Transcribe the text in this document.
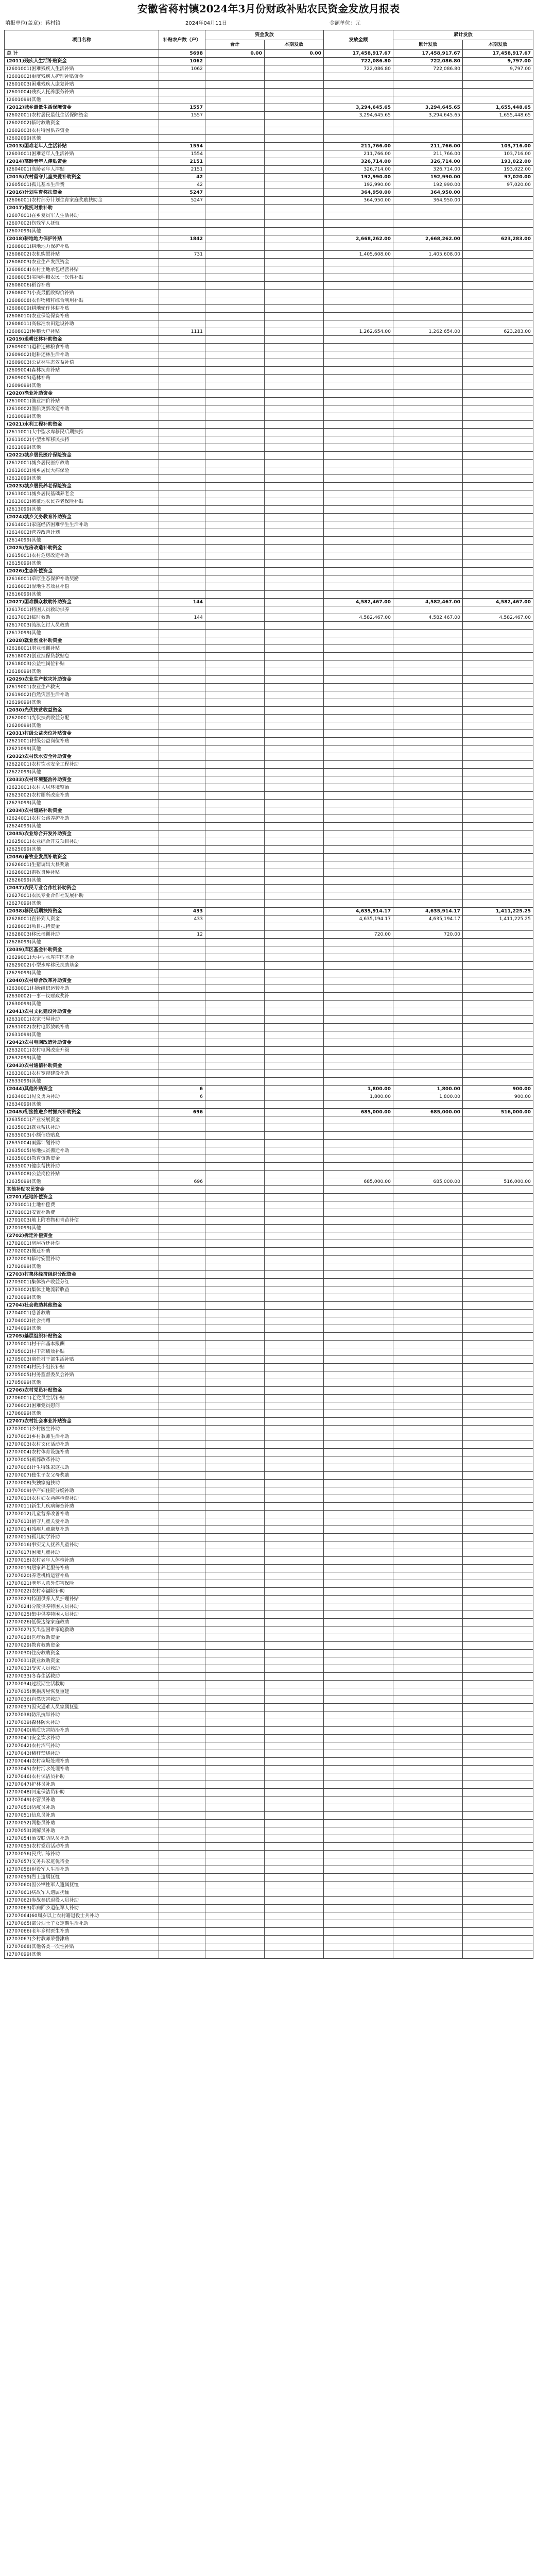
安徽省蒋村镇2024年3月份财政补贴农民资金发放月报表
填报单位(盖章)：蒋村镇	2024年04月11日	金额单位：元
项目名称	补贴农户数（户）	资金发放		发放金额	累计发放	
		合计	本期发放		累计发放	本期发放
总 计	5698	0.00	0.00	17,458,917.67	17,458,917.67	17,458,917.67
(2011)残疾人生活补贴资金	1062			722,086.80	722,086.80	9,797.00
(2601001)困难残疾人生活补贴	1062			722,086.80	722,086.80	9,797.00
(2601002)重度残疾人护理补贴资金						
(2601003)困难残疾人康复补贴						
(2601004)残疾人托养服务补贴						
(2601099)其他						
(2012)城乡最低生活保障资金	1557			3,294,645.65	3,294,645.65	1,655,448.65
(2602001)农村居民最低生活保障资金	1557			3,294,645.65	3,294,645.65	1,655,448.65
(2602002)临时救助资金						
(2602003)农村特困供养资金						
(2602099)其他						
(2013)困难老年人生活补贴	1554			211,766.00	211,766.00	103,716.00
(2603001)困难老年人生活补贴	1554			211,766.00	211,766.00	103,716.00
(2014)高龄老年人津贴资金	2151			326,714.00	326,714.00	193,022.00
(2604001)高龄老年人津贴	2151			326,714.00	326,714.00	193,022.00
(2015)农村留守儿童关爱补助资金	42			192,990.00	192,990.00	97,020.00
(2605001)孤儿基本生活费	42			192,990.00	192,990.00	97,020.00
(2016)计划生育奖扶资金	5247			364,950.00	364,950.00	
(2606001)农村部分计划生育家庭奖励扶助金	5247			364,950.00	364,950.00	
(2017)优抚对象补助						
(2607001)在乡复员军人生活补助						
(2607002)伤残军人抚恤						
(2607099)其他						
(2018)耕地地力保护补贴	1842			2,668,262.00	2,668,262.00	623,283.00
(2608001)耕地地力保护补贴						
(2608002)农机购置补贴	731			1,405,608.00	1,405,608.00	
(2608003)农业生产发展资金						
(2608004)农村土地承包经营补贴						
(2608005)实际种粮农民一次性补贴						
(2608006)稻谷补贴						
(2608007)小麦最低收购价补贴						
(2608008)农作物秸秆综合利用补贴						
(2608009)耕地轮作休耕补贴						
(2608010)农业保险保费补贴						
(2608011)高标准农田建设补助						
(2608012)种粮大户补贴	1111			1,262,654.00	1,262,654.00	623,283.00
(2019)退耕还林补助资金						
(2609001)退耕还林粮食补助						
(2609002)退耕还林生活补助						
(2609003)公益林生态效益补偿						
(2609004)森林抚育补贴						
(2609005)造林补贴						
(2609099)其他						
(2020)渔业补助资金						
(2610001)渔业油价补贴						
(2610002)渔船更新改造补助						
(2610099)其他						
(2021)水利工程补助资金						
(2611001)大中型水库移民后期扶持						
(2611002)小型水库移民扶持						
(2611099)其他						
(2022)城乡居民医疗保险资金						
(2612001)城乡居民医疗救助						
(2612002)城乡居民大病保险						
(2612099)其他						
(2023)城乡居民养老保险资金						
(2613001)城乡居民基础养老金						
(2613002)被征地农民养老保险补贴						
(2613099)其他						
(2024)城乡义务教育补助资金						
(2614001)家庭经济困难学生生活补助						
(2614002)营养改善计划						
(2614099)其他						
(2025)危房改造补助资金						
(2615001)农村危房改造补助						
(2615099)其他						
(2026)生态补偿资金						
(2616001)草原生态保护补助奖励						
(2616002)湿地生态效益补偿						
(2616099)其他						
(2027)困难群众救助补助资金	144			4,582,467.00	4,582,467.00	4,582,467.00
(2617001)特困人员救助供养						
(2617002)临时救助	144			4,582,467.00	4,582,467.00	4,582,467.00
(2617003)流浪乞讨人员救助						
(2617099)其他						
(2028)就业创业补助资金						
(2618001)职业培训补贴						
(2618002)创业担保贷款贴息						
(2618003)公益性岗位补贴						
(2618099)其他						
(2029)农业生产救灾补助资金						
(2619001)农业生产救灾						
(2619002)自然灾害生活补助						
(2619099)其他						
(2030)光伏扶贫收益资金						
(2620001)光伏扶贫收益分配						
(2620099)其他						
(2031)村级公益岗位补贴资金						
(2621001)村级公益岗位补贴						
(2621099)其他						
(2032)农村饮水安全补助资金						
(2622001)农村饮水安全工程补助						
(2622099)其他						
(2033)农村环境整治补助资金						
(2623001)农村人居环境整治						
(2623002)农村厕所改造补助						
(2623099)其他						
(2034)农村道路补助资金						
(2624001)农村公路养护补助						
(2624099)其他						
(2035)农业综合开发补助资金						
(2625001)农业综合开发项目补助						
(2625099)其他						
(2036)畜牧业发展补助资金						
(2626001)生猪调出大县奖励						
(2626002)畜牧良种补贴						
(2626099)其他						
(2037)农民专业合作社补助资金						
(2627001)农民专业合作社发展补助						
(2627099)其他						
(2038)移民后期扶持资金	433			4,635,914.17	4,635,914.17	1,411,225.25
(2628001)直补到人资金	433			4,635,194.17	4,635,194.17	1,411,225.25
(2628002)项目扶持资金						
(2628003)移民培训补助	12			720.00	720.00	
(2628099)其他						
(2039)库区基金补助资金						
(2629001)大中型水库库区基金						
(2629002)小型水库移民扶助基金						
(2629099)其他						
(2040)农村综合改革补助资金						
(2630001)村级组织运转补助						
(2630002)一事一议财政奖补						
(2630099)其他						
(2041)农村文化建设补助资金						
(2631001)农家书屋补助						
(2631002)农村电影放映补助						
(2631099)其他						
(2042)农村电网改造补助资金						
(2632001)农村电网改造升级						
(2632099)其他						
(2043)农村通信补助资金						
(2633001)农村宽带建设补助						
(2633099)其他						
(2044)其他补贴资金	6			1,800.00	1,800.00	900.00
(2634001)见义勇为补助	6			1,800.00	1,800.00	900.00
(2634099)其他						
(2045)衔接推进乡村振兴补助资金	696			685,000.00	685,000.00	516,000.00
(2635001)产业发展资金						
(2635002)就业帮扶补助						
(2635003)小额信贷贴息						
(2635004)雨露计划补助						
(2635005)易地扶贫搬迁补助						
(2635006)教育资助资金						
(2635007)健康帮扶补助						
(2635008)公益岗位补贴						
(2635099)其他	696			685,000.00	685,000.00	516,000.00
其他补贴农民资金						
(2701)征地补偿资金						
(2701001)土地补偿费						
(2701002)安置补助费						
(2701003)地上附着物和青苗补偿						
(2701099)其他						
(2702)拆迁补偿资金						
(2702001)房屋拆迁补偿						
(2702002)搬迁补助						
(2702003)临时安置补助						
(2702099)其他						
(2703)村集体经济组织分配资金						
(2703001)集体资产收益分红						
(2703002)集体土地流转收益						
(2703099)其他						
(2704)社会救助其他资金						
(2704001)慈善救助						
(2704002)社会捐赠						
(2704099)其他						
(2705)基层组织补贴资金						
(2705001)村干部基本报酬						
(2705002)村干部绩效补贴						
(2705003)离任村干部生活补贴						
(2705004)村民小组长补贴						
(2705005)村务监督委员会补贴						
(2705099)其他						
(2706)农村党员补贴资金						
(2706001)老党员生活补贴						
(2706002)困难党员慰问						
(2706099)其他						
(2707)农村社会事业补贴资金						
(2707001)乡村医生补助						
(2707002)乡村教师生活补助						
(2707003)农村文化活动补助						
(2707004)农村体育设施补助						
(2707005)殡葬改革补助						
(2707006)计生特殊家庭扶助						
(2707007)独生子女父母奖励						
(2707008)失独家庭扶助						
(2707009)孕产妇住院分娩补助						
(2707010)农村妇女两癌检查补助						
(2707011)新生儿疾病筛查补助						
(2707012)儿童营养改善补助						
(2707013)留守儿童关爱补助						
(2707014)残疾儿童康复补助						
(2707015)孤儿助学补助						
(2707016)事实无人抚养儿童补助						
(2707017)困境儿童补助						
(2707018)农村老年人体检补助						
(2707019)居家养老服务补贴						
(2707020)养老机构运营补贴						
(2707021)老年人意外伤害保险						
(2707022)农村幸福院补助						
(2707023)特困供养人员护理补贴						
(2707024)分散供养特困人员补助						
(2707025)集中供养特困人员补助						
(2707026)低保边缘家庭救助						
(2707027)支出型困难家庭救助						
(2707028)医疗救助资金						
(2707029)教育救助资金						
(2707030)住房救助资金						
(2707031)就业救助资金						
(2707032)受灾人员救助						
(2707033)冬春生活救助						
(2707034)过渡期生活救助						
(2707035)倒损房屋恢复重建						
(2707036)自然灾害救助						
(2707037)因灾遇难人员家属抚慰						
(2707038)防汛抗旱补助						
(2707039)森林防火补助						
(2707040)地质灾害防治补助						
(2707041)安全饮水补助						
(2707042)农村沼气补助						
(2707043)秸秆禁烧补助						
(2707044)农村垃圾处理补助						
(2707045)农村污水处理补助						
(2707046)农村保洁员补助						
(2707047)护林员补助						
(2707048)河道保洁员补助						
(2707049)水管员补助						
(2707050)防疫员补助						
(2707051)信息员补助						
(2707052)网格员补助						
(2707053)调解员补助						
(2707054)治安联防队员补助						
(2707055)农村党员活动补助						
(2707056)民兵训练补助						
(2707057)义务兵家庭优待金						
(2707058)退役军人生活补助						
(2707059)烈士遗属抚恤						
(2707060)因公牺牲军人遗属抚恤						
(2707061)病故军人遗属抚恤						
(2707062)参战参试退役人员补助						
(2707063)带病回乡退伍军人补助						
(2707064)60周岁以上农村籍退役士兵补助						
(2707065)部分烈士子女定期生活补助						
(2707066)老年乡村医生补助						
(2707067)乡村教师荣誉津贴						
(2707068)其他各类一次性补贴						
(2707099)其他						
